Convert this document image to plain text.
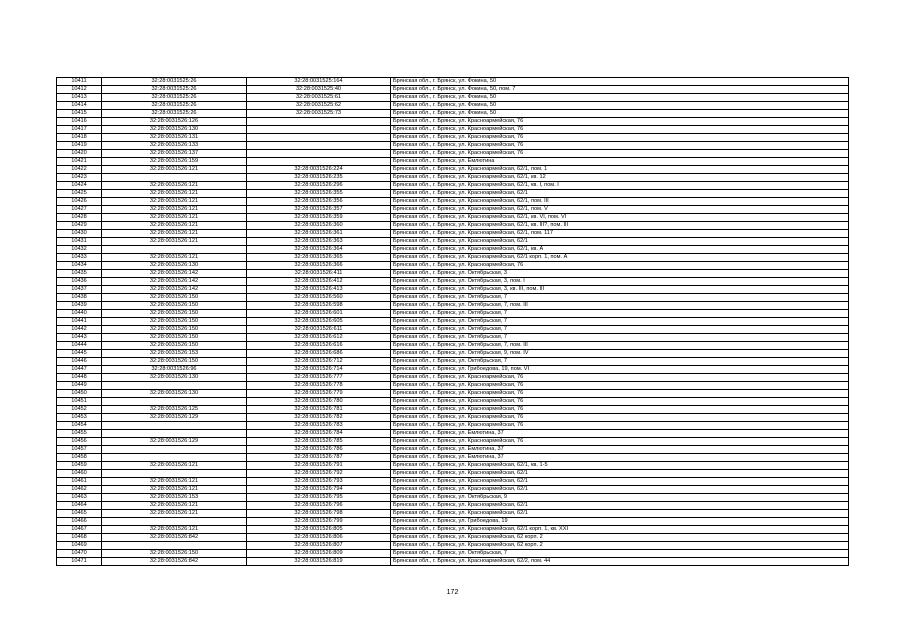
10411	32:28:0031525:26	32:28:0031525:164	Брянская обл., г. Брянск, ул. Фокина, 50
10412	32:28:0031525:26	32:28:0031525:40	Брянская обл., г. Брянск, ул. Фокина, 50, пом. 7
10413	32:28:0031525:26	32:28:0031525:61	Брянская обл., г. Брянск, ул. Фокина, 50
10414	32:28:0031525:26	32:28:0031525:62	Брянская обл., г. Брянск, ул. Фокина, 50
10415	32:28:0031525:26	32:28:0031525:73	Брянская обл., г. Брянск, ул. Фокина, 50
10416	32:28:0031526:126		Брянская обл., г. Брянск, ул. Красноармейская, 76
10417	32:28:0031526:130		Брянская обл., г. Брянск, ул. Красноармейская, 76
10418	32:28:0031526:131		Брянская обл., г. Брянск, ул. Красноармейская, 76
10419	32:28:0031526:133		Брянская обл., г. Брянск, ул. Красноармейская, 76
10420	32:28:0031526:137		Брянская обл., г. Брянск, ул. Красноармейская, 76
10421	32:28:0031526:159		Брянская обл., г. Брянск, ул. Емлютина
10422	32:28:0031526:121	32:28:0031526:224	Брянская обл., г. Брянск, ул. Красноармейская, 62/1, пом. 1
10423		32:28:0031526:235	Брянская обл., г. Брянск, ул. Красноармейская, 62/1, кв. 12
10424	32:28:0031526:121	32:28:0031526:296	Брянская обл., г. Брянск, ул. Красноармейская, 62/1, кв. I, пом. I
10425	32:28:0031526:121	32:28:0031526:355	Брянская обл., г. Брянск, ул. Красноармейская, 62/1
10426	32:28:0031526:121	32:28:0031526:356	Брянская обл., г. Брянск, ул. Красноармейская, 62/1, пом. III
10427	32:28:0031526:121	32:28:0031526:357	Брянская обл., г. Брянск, ул. Красноармейская, 62/1, пом. V
10428	32:28:0031526:121	32:28:0031526:359	Брянская обл., г. Брянск, ул. Красноармейская, 62/1, кв. VI, пом. VI
10429	32:28:0031526:121	32:28:0031526:360	Брянская обл., г. Брянск, ул. Красноармейская, 62/1, кв. III?, пом. III
10430	32:28:0031526:121	32:28:0031526:361	Брянская обл., г. Брянск, ул. Красноармейская, 62/1, пом. 117
10431	32:28:0031526:121	32:28:0031526:363	Брянская обл., г. Брянск, ул. Красноармейская, 62/1
10432		32:28:0031526:364	Брянская обл., г. Брянск, ул. Красноармейская, 62/1, кв. А
10433	32:28:0031526:121	32:28:0031526:365	Брянская обл., г. Брянск, ул. Красноармейская, 62/1 корп. 1, пом. А
10434	32:28:0031526:130	32:28:0031526:366	Брянская обл., г. Брянск, ул. Красноармейская, 76
10435	32:28:0031526:142	32:28:0031526:411	Брянская обл., г. Брянск, ул. Октябрьская, 3
10436	32:28:0031526:142	32:28:0031526:412	Брянская обл., г. Брянск, ул. Октябрьская, 3, пом. I
10437	32:28:0031526:142	32:28:0031526:413	Брянская обл., г. Брянск, ул. Октябрьская, 3, кв. III, пом. III
10438	32:28:0031526:150	32:28:0031526:560	Брянская обл., г. Брянск, ул. Октябрьская, 7
10439	32:28:0031526:150	32:28:0031526:598	Брянская обл., г. Брянск, ул. Октябрьская, 7, пом. III
10440	32:28:0031526:150	32:28:0031526:601	Брянская обл., г. Брянск, ул. Октябрьская, 7
10441	32:28:0031526:150	32:28:0031526:605	Брянская обл., г. Брянск, ул. Октябрьская, 7
10442	32:28:0031526:150	32:28:0031526:611	Брянская обл., г. Брянск, ул. Октябрьская, 7
10443	32:28:0031526:150	32:28:0031526:612	Брянская обл., г. Брянск, ул. Октябрьская, 7
10444	32:28:0031526:150	32:28:0031526:616	Брянская обл., г. Брянск, ул. Октябрьская, 7, пом. III
10445	32:28:0031526:153	32:28:0031526:686	Брянская обл., г. Брянск, ул. Октябрьская, 9, пом. IV
10446	32:28:0031526:150	32:28:0031526:712	Брянская обл., г. Брянск, ул. Октябрьская, 7
10447	32:28:0031526:96	32:28:0031526:714	Брянская обл., г. Брянск, ул. Грибоедова, 19, пом. VI
10448	32:28:0031526:130	32:28:0031526:777	Брянская обл., г. Брянск, ул. Красноармейская, 76
10449		32:28:0031526:778	Брянская обл., г. Брянск, ул. Красноармейская, 76
10450	32:28:0031526:130	32:28:0031526:779	Брянская обл., г. Брянск, ул. Красноармейская, 76
10451		32:28:0031526:780	Брянская обл., г. Брянск, ул. Красноармейская, 76
10452	32:28:0031526:125	32:28:0031526:781	Брянская обл., г. Брянск, ул. Красноармейская, 76
10453	32:28:0031526:129	32:28:0031526:782	Брянская обл., г. Брянск, ул. Красноармейская, 76
10454		32:28:0031526:783	Брянская обл., г. Брянск, ул. Красноармейская, 76
10455		32:28:0031526:784	Брянская обл., г. Брянск, ул. Емлютина, 37
10456	32:28:0031526:129	32:28:0031526:785	Брянская обл., г. Брянск, ул. Красноармейская, 76
10457		32:28:0031526:786	Брянская обл., г. Брянск, ул. Емлютина, 37
10458		32:28:0031526:787	Брянская обл., г. Брянск, ул. Емлютина, 37
10459	32:28:0031526:121	32:28:0031526:791	Брянская обл., г. Брянск, ул. Красноармейская, 62/1, кв. 1-5
10460		32:28:0031526:792	Брянская обл., г. Брянск, ул. Красноармейская, 62/1
10461	32:28:0031526:121	32:28:0031526:793	Брянская обл., г. Брянск, ул. Красноармейская, 62/1
10462	32:28:0031526:121	32:28:0031526:794	Брянская обл., г. Брянск, ул. Красноармейская, 62/1
10463	32:28:0031526:153	32:28:0031526:795	Брянская обл., г. Брянск, ул. Октябрьская, 9
10464	32:28:0031526:121	32:28:0031526:796	Брянская обл., г. Брянск, ул. Красноармейская, 62/1
10465	32:28:0031526:121	32:28:0031526:798	Брянская обл., г. Брянск, ул. Красноармейская, 62/1
10466		32:28:0031526:799	Брянская обл., г. Брянск, ул. Грибоедова, 19
10467	32:28:0031526:121	32:28:0031526:805	Брянская обл., г. Брянск, ул. Красноармейская, 62/1 корп. 1, кв. XXI
10468	32:28:0031526:842	32:28:0031526:806	Брянская обл., г. Брянск, ул. Красноармейская, 62 корп. 2
10469		32:28:0031526:807	Брянская обл., г. Брянск, ул. Красноармейская, 62 корп. 2
10470	32:28:0031526:150	32:28:0031526:809	Брянская обл., г. Брянск, ул. Октябрьская, 7
10471	32:28:0031526:842	32:28:0031526:819	Брянская обл., г. Брянск, ул. Красноармейская, 62/2, пом. 44
172
